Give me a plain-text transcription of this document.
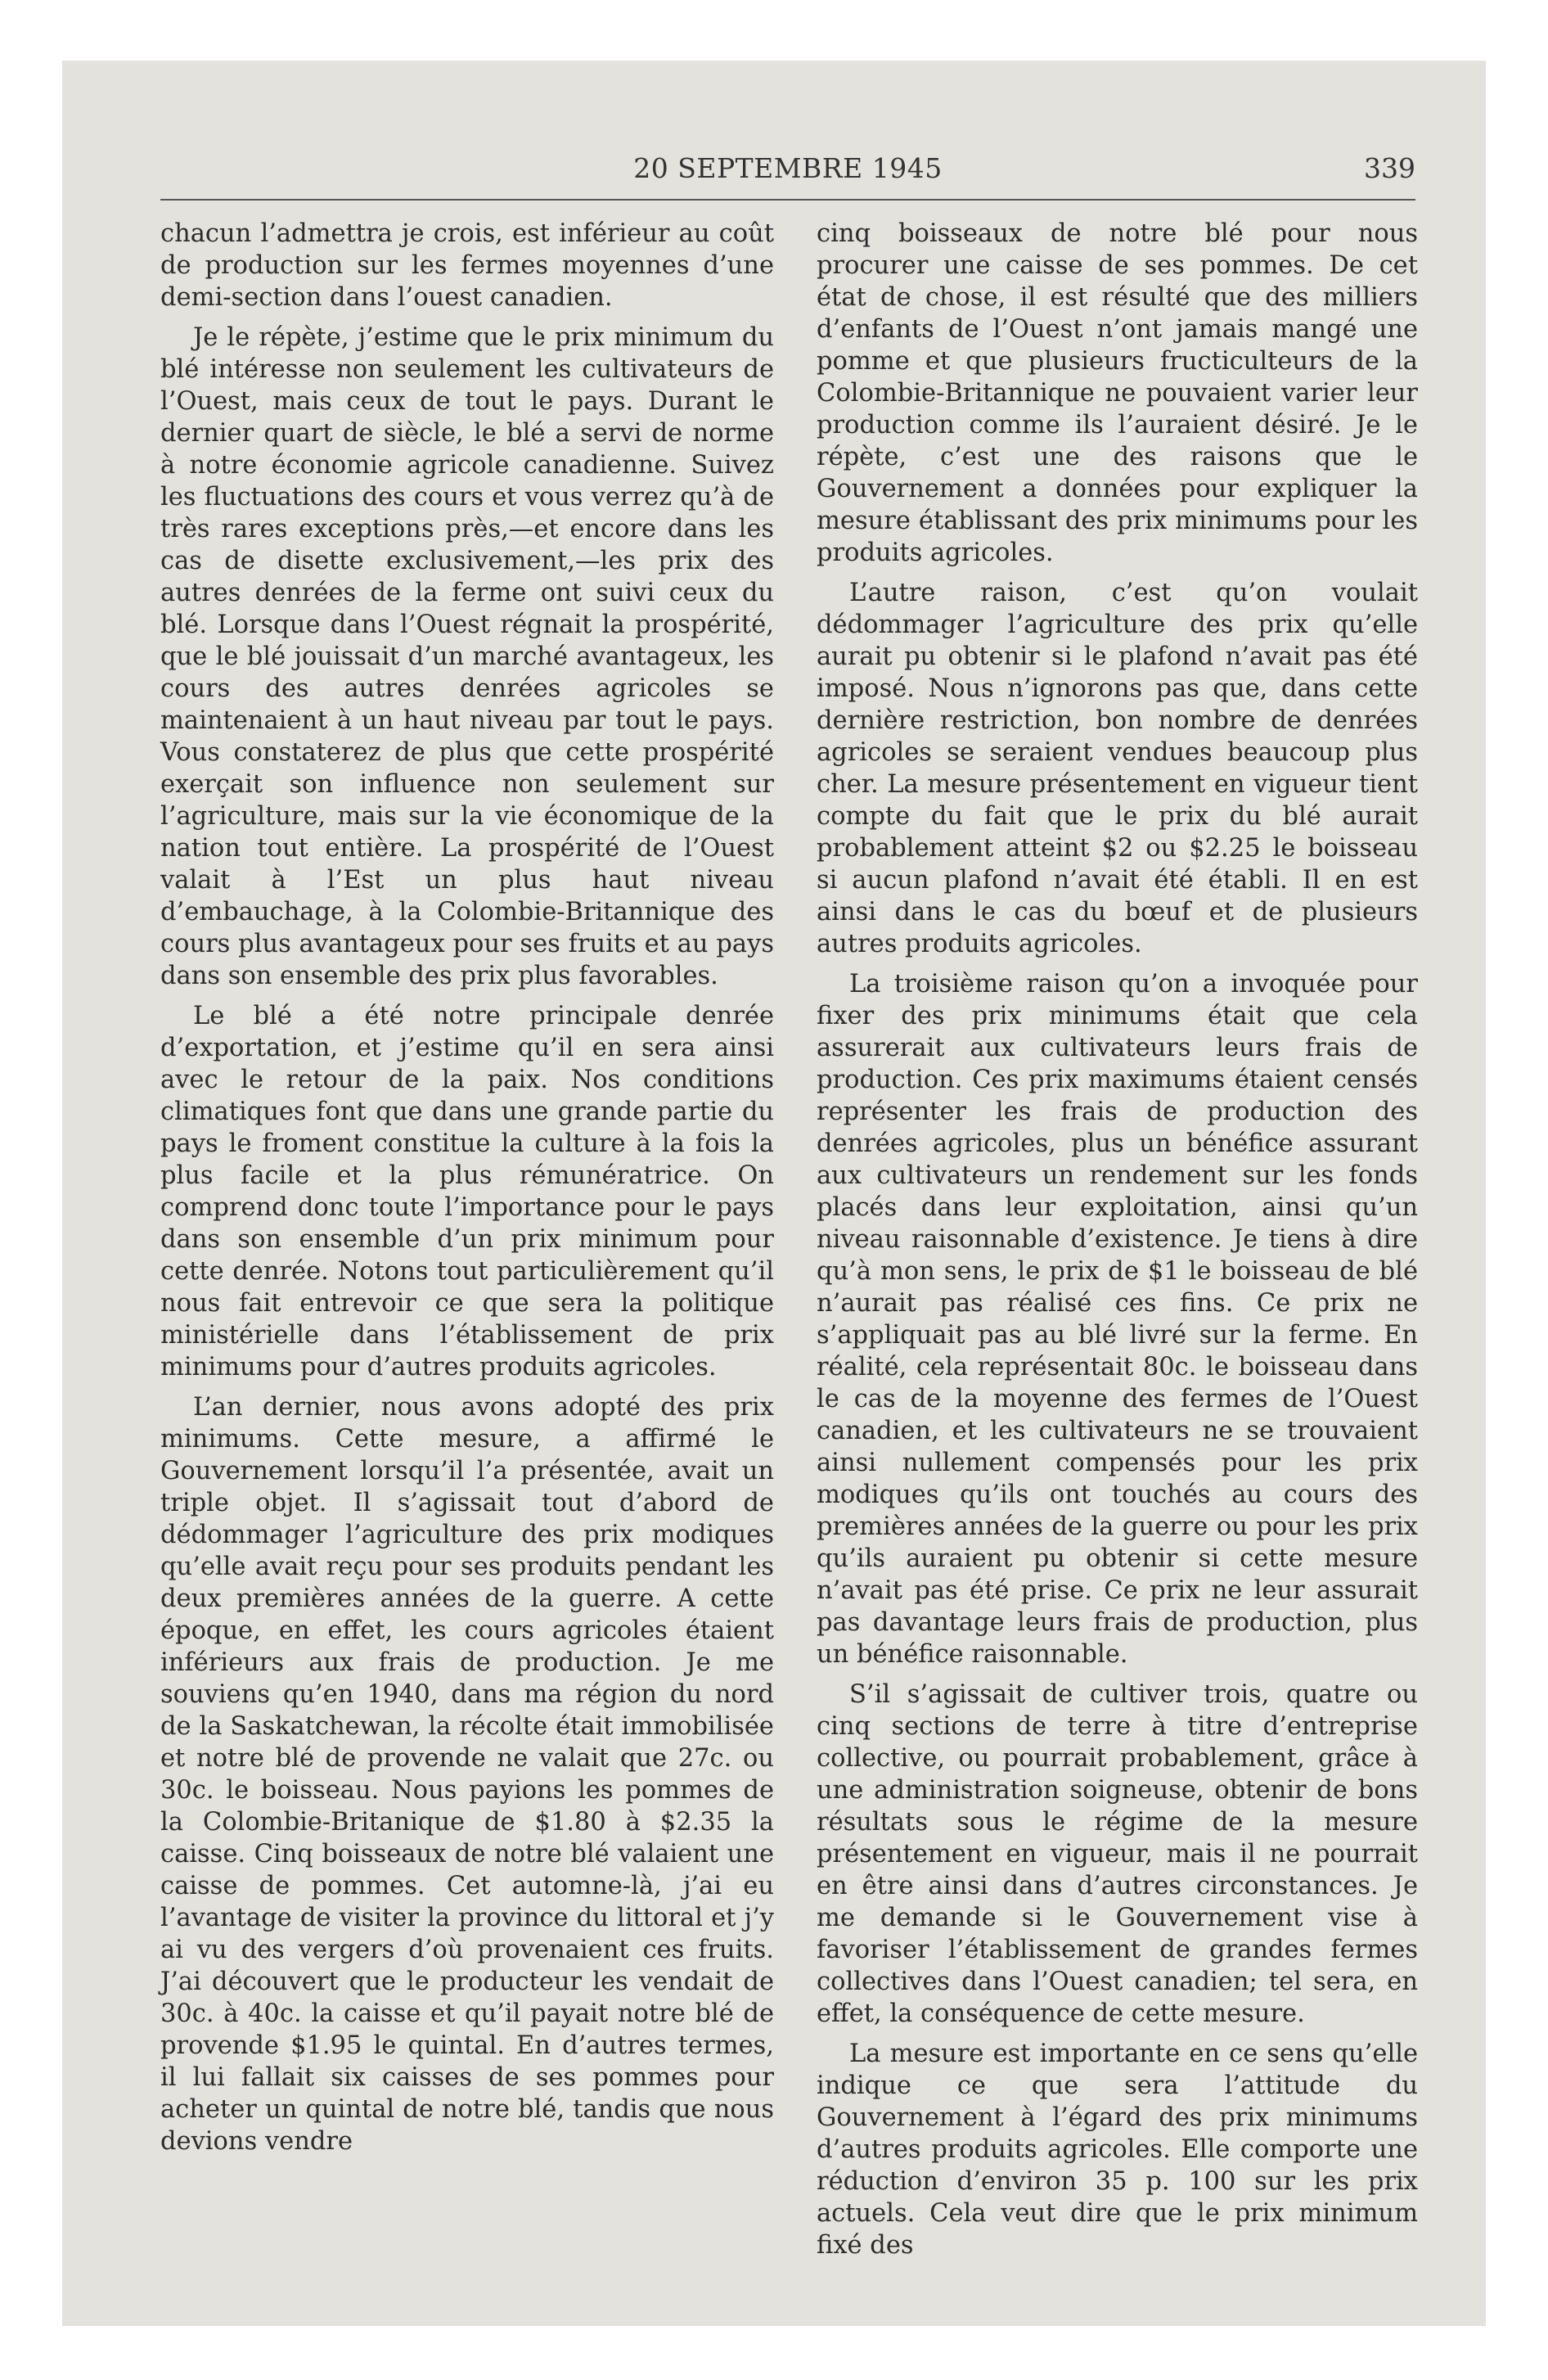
20 SEPTEMBRE 1945	339

chacun l’admettra je crois, est inférieur au coût de production sur les fermes moyennes d’une demi-section dans l’ouest canadien.

Je le répète, j’estime que le prix minimum du blé intéresse non seulement les cultivateurs de l’Ouest, mais ceux de tout le pays. Durant le dernier quart de siècle, le blé a servi de norme à notre économie agricole canadienne. Suivez les fluctuations des cours et vous verrez qu’à de très rares exceptions près,—et encore dans les cas de disette exclusivement,—les prix des autres denrées de la ferme ont suivi ceux du blé. Lorsque dans l’Ouest régnait la prospérité, que le blé jouissait d’un marché avantageux, les cours des autres denrées agricoles se maintenaient à un haut niveau par tout le pays. Vous constaterez de plus que cette prospérité exerçait son influence non seulement sur l’agriculture, mais sur la vie économique de la nation tout entière. La prospérité de l’Ouest valait à l’Est un plus haut niveau d’embauchage, à la Colombie-Britannique des cours plus avantageux pour ses fruits et au pays dans son ensemble des prix plus favorables.

Le blé a été notre principale denrée d’exportation, et j’estime qu’il en sera ainsi avec le retour de la paix. Nos conditions climatiques font que dans une grande partie du pays le froment constitue la culture à la fois la plus facile et la plus rémunératrice. On comprend donc toute l’importance pour le pays dans son ensemble d’un prix minimum pour cette denrée. Notons tout particulièrement qu’il nous fait entrevoir ce que sera la politique ministérielle dans l’établissement de prix minimums pour d’autres produits agricoles.

L’an dernier, nous avons adopté des prix minimums. Cette mesure, a affirmé le Gouvernement lorsqu’il l’a présentée, avait un triple objet. Il s’agissait tout d’abord de dédommager l’agriculture des prix modiques qu’elle avait reçu pour ses produits pendant les deux premières années de la guerre. A cette époque, en effet, les cours agricoles étaient inférieurs aux frais de production. Je me souviens qu’en 1940, dans ma région du nord de la Saskatchewan, la récolte était immobilisée et notre blé de provende ne valait que 27c. ou 30c. le boisseau. Nous payions les pommes de la Colombie-Britanique de $1.80 à $2.35 la caisse. Cinq boisseaux de notre blé valaient une caisse de pommes. Cet automne-là, j’ai eu l’avantage de visiter la province du littoral et j’y ai vu des vergers d’où provenaient ces fruits. J’ai découvert que le producteur les vendait de 30c. à 40c. la caisse et qu’il payait notre blé de provende $1.95 le quintal. En d’autres termes, il lui fallait six caisses de ses pommes pour acheter un quintal de notre blé, tandis que nous devions vendre

cinq boisseaux de notre blé pour nous procurer une caisse de ses pommes. De cet état de chose, il est résulté que des milliers d’enfants de l’Ouest n’ont jamais mangé une pomme et que plusieurs fructiculteurs de la Colombie-Britannique ne pouvaient varier leur production comme ils l’auraient désiré. Je le répète, c’est une des raisons que le Gouvernement a données pour expliquer la mesure établissant des prix minimums pour les produits agricoles.

L’autre raison, c’est qu’on voulait dédommager l’agriculture des prix qu’elle aurait pu obtenir si le plafond n’avait pas été imposé. Nous n’ignorons pas que, dans cette dernière restriction, bon nombre de denrées agricoles se seraient vendues beaucoup plus cher. La mesure présentement en vigueur tient compte du fait que le prix du blé aurait probablement atteint $2 ou $2.25 le boisseau si aucun plafond n’avait été établi. Il en est ainsi dans le cas du bœuf et de plusieurs autres produits agricoles.

La troisième raison qu’on a invoquée pour fixer des prix minimums était que cela assurerait aux cultivateurs leurs frais de production. Ces prix maximums étaient censés représenter les frais de production des denrées agricoles, plus un bénéfice assurant aux cultivateurs un rendement sur les fonds placés dans leur exploitation, ainsi qu’un niveau raisonnable d’existence. Je tiens à dire qu’à mon sens, le prix de $1 le boisseau de blé n’aurait pas réalisé ces fins. Ce prix ne s’appliquait pas au blé livré sur la ferme. En réalité, cela représentait 80c. le boisseau dans le cas de la moyenne des fermes de l’Ouest canadien, et les cultivateurs ne se trouvaient ainsi nullement compensés pour les prix modiques qu’ils ont touchés au cours des premières années de la guerre ou pour les prix qu’ils auraient pu obtenir si cette mesure n’avait pas été prise. Ce prix ne leur assurait pas davantage leurs frais de production, plus un bénéfice raisonnable.

S’il s’agissait de cultiver trois, quatre ou cinq sections de terre à titre d’entreprise collective, ou pourrait probablement, grâce à une administration soigneuse, obtenir de bons résultats sous le régime de la mesure présentement en vigueur, mais il ne pourrait en être ainsi dans d’autres circonstances. Je me demande si le Gouvernement vise à favoriser l’établissement de grandes fermes collectives dans l’Ouest canadien; tel sera, en effet, la conséquence de cette mesure.

La mesure est importante en ce sens qu’elle indique ce que sera l’attitude du Gouvernement à l’égard des prix minimums d’autres produits agricoles. Elle comporte une réduction d’environ 35 p. 100 sur les prix actuels. Cela veut dire que le prix minimum fixé des
